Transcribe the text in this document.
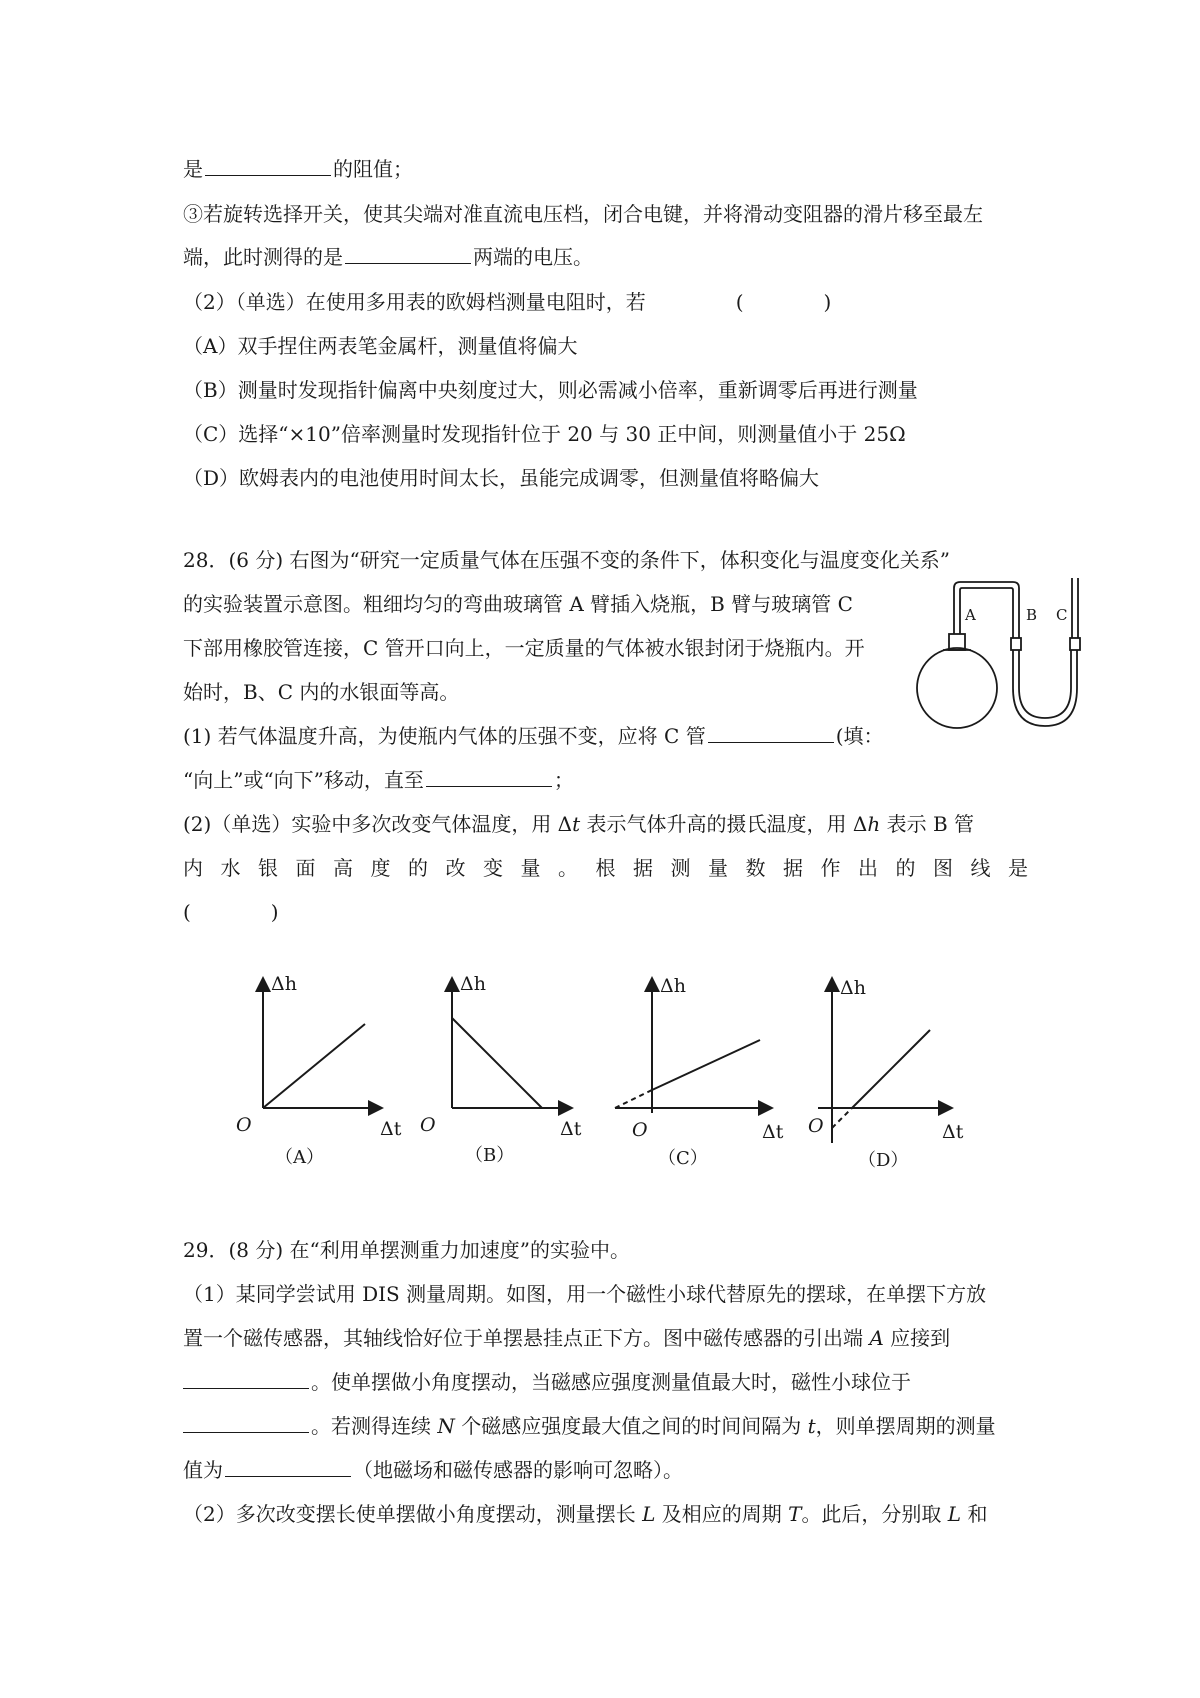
是	的阻值；
③若旋转选择开关，使其尖端对准直流电压档，闭合电键，并将滑动变阻器的滑片移至最左
端，此时测得的是	两端的电压。
（2）（单选）在使用多用表的欧姆档测量电阻时，若	(　　　　)
（A）双手捏住两表笔金属杆，测量值将偏大
（B）测量时发现指针偏离中央刻度过大，则必需减小倍率，重新调零后再进行测量
（C）选择“×10”倍率测量时发现指针位于 20 与 30 正中间，则测量值小于 25Ω
（D）欧姆表内的电池使用时间太长，虽能完成调零，但测量值将略偏大
28．(6 分) 右图为“研究一定质量气体在压强不变的条件下，体积变化与温度变化关系”
的实验装置示意图。粗细均匀的弯曲玻璃管 A 臂插入烧瓶，B 臂与玻璃管 C
下部用橡胶管连接，C 管开口向上，一定质量的气体被水银封闭于烧瓶内。开
始时，B、C 内的水银面等高。
(1) 若气体温度升高，为使瓶内气体的压强不变，应将 C 管	(填：
“向上”或“向下”移动，直至	；
(2)（单选）实验中多次改变气体温度，用 Δt 表示气体升高的摄氏温度，用 Δh 表示 B 管
内 水 银 面 高 度 的 改 变 量 。 根 据 测 量 数 据 作 出 的 图 线 是
(　　　　)
A	B C
Δh
O	Δt
（A）
Δh
O	Δt
（B）
Δh
O	Δt
（C）
Δh
O	Δt
（D）
29．(8 分) 在“利用单摆测重力加速度”的实验中。
（1）某同学尝试用 DIS 测量周期。如图，用一个磁性小球代替原先的摆球，在单摆下方放
置一个磁传感器，其轴线恰好位于单摆悬挂点正下方。图中磁传感器的引出端 A 应接到
。使单摆做小角度摆动，当磁感应强度测量值最大时，磁性小球位于
。若测得连续 N 个磁感应强度最大值之间的时间间隔为 t，则单摆周期的测量
值为	（地磁场和磁传感器的影响可忽略）。
（2）多次改变摆长使单摆做小角度摆动，测量摆长 L 及相应的周期 T。此后，分别取 L 和
